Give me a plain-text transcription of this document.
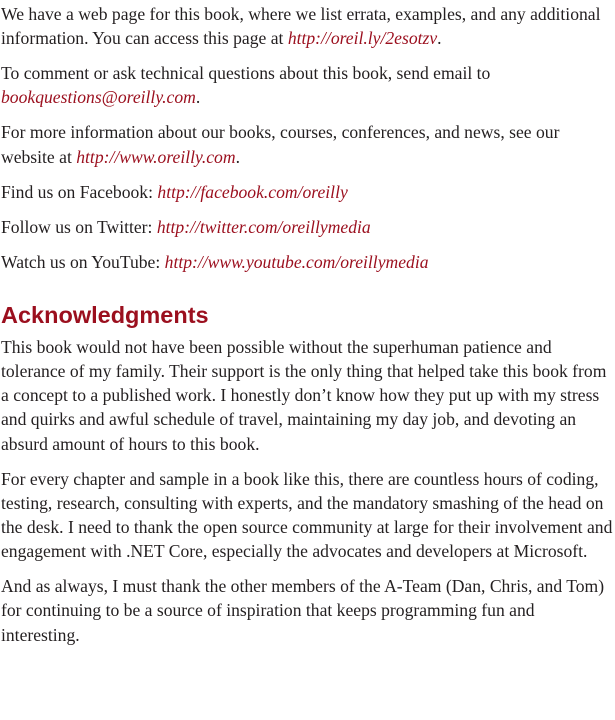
We have a web page for this book, where we list errata, examples, and any additional information. You can access this page at http://oreil.ly/2esotzv.

To comment or ask technical questions about this book, send email to bookquestions@oreilly.com.

For more information about our books, courses, conferences, and news, see our website at http://www.oreilly.com.

Find us on Facebook: http://facebook.com/oreilly

Follow us on Twitter: http://twitter.com/oreillymedia

Watch us on YouTube: http://www.youtube.com/oreillymedia

Acknowledgments

This book would not have been possible without the superhuman patience and tolerance of my family. Their support is the only thing that helped take this book from a concept to a published work. I honestly don’t know how they put up with my stress and quirks and awful schedule of travel, maintaining my day job, and devoting an absurd amount of hours to this book.

For every chapter and sample in a book like this, there are countless hours of coding, testing, research, consulting with experts, and the mandatory smashing of the head on the desk. I need to thank the open source community at large for their involvement and engagement with .NET Core, especially the advocates and developers at Microsoft.

And as always, I must thank the other members of the A-Team (Dan, Chris, and Tom) for continuing to be a source of inspiration that keeps programming fun and interesting.
